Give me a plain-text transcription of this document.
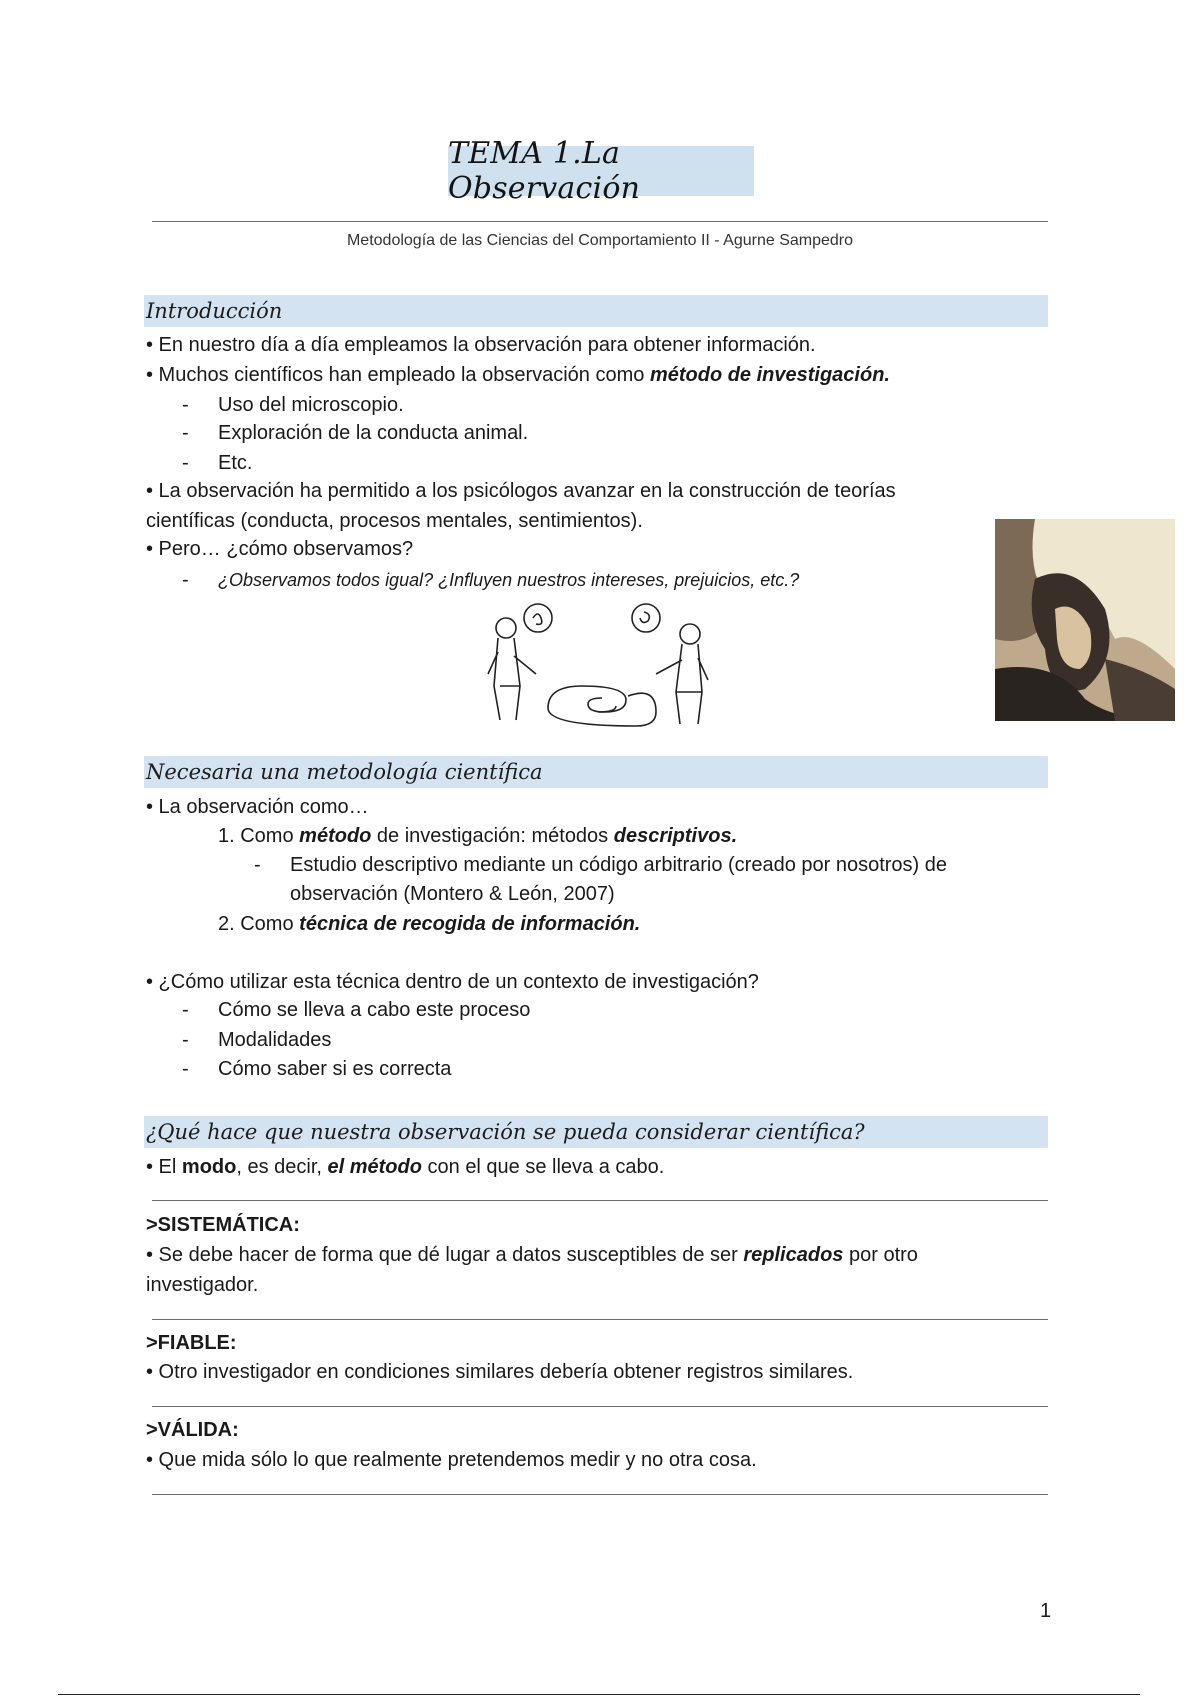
TEMA 1.La Observación
Metodología de las Ciencias del Comportamiento II - Agurne Sampedro
Introducción
• En nuestro día a día empleamos la observación para obtener información.
• Muchos científicos han empleado la observación como método de investigación.
- Uso del microscopio.
- Exploración de la conducta animal.
- Etc.
• La observación ha permitido a los psicólogos avanzar en la construcción de teorías
científicas (conducta, procesos mentales, sentimientos).
• Pero… ¿cómo observamos?
- ¿Observamos todos igual? ¿Influyen nuestros intereses, prejuicios, etc.?
Necesaria una metodología científica
• La observación como…
1. Como método de investigación: métodos descriptivos.
- Estudio descriptivo mediante un código arbitrario (creado por nosotros) de
observación (Montero & León, 2007)
2. Como técnica de recogida de información.
• ¿Cómo utilizar esta técnica dentro de un contexto de investigación?
- Cómo se lleva a cabo este proceso
- Modalidades
- Cómo saber si es correcta
¿Qué hace que nuestra observación se pueda considerar científica?
• El modo, es decir, el método con el que se lleva a cabo.
>SISTEMÁTICA:
• Se debe hacer de forma que dé lugar a datos susceptibles de ser replicados por otro
investigador.
>FIABLE:
• Otro investigador en condiciones similares debería obtener registros similares.
>VÁLIDA:
• Que mida sólo lo que realmente pretendemos medir y no otra cosa.
1
